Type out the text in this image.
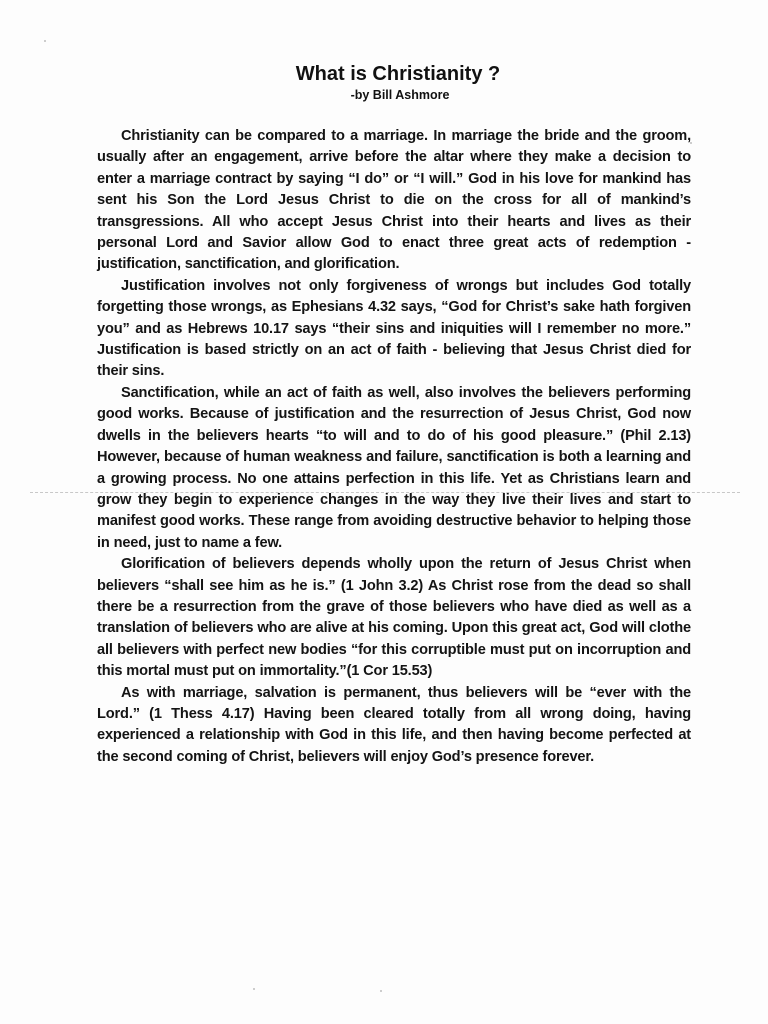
What is Christianity ?
-by Bill Ashmore

Christianity can be compared to a marriage. In marriage the bride and the groom, usually after an engagement, arrive before the altar where they make a decision to enter a marriage contract by saying “I do” or “I will.” God in his love for mankind has sent his Son the Lord Jesus Christ to die on the cross for all of mankind’s transgressions. All who accept Jesus Christ into their hearts and lives as their personal Lord and Savior allow God to enact three great acts of redemption - justification, sanctification, and glorification.

Justification involves not only forgiveness of wrongs but includes God totally forgetting those wrongs, as Ephesians 4.32 says, “God for Christ’s sake hath forgiven you” and as Hebrews 10.17 says “their sins and iniquities will I remember no more.” Justification is based strictly on an act of faith - believing that Jesus Christ died for their sins.

Sanctification, while an act of faith as well, also involves the believers performing good works. Because of justification and the resurrection of Jesus Christ, God now dwells in the believers hearts “to will and to do of his good pleasure.” (Phil 2.13) However, because of human weakness and failure, sanctification is both a learning and a growing process. No one attains perfection in this life. Yet as Christians learn and grow they begin to experience changes in the way they live their lives and start to manifest good works. These range from avoiding destructive behavior to helping those in need, just to name a few.

Glorification of believers depends wholly upon the return of Jesus Christ when believers “shall see him as he is.” (1 John 3.2) As Christ rose from the dead so shall there be a resurrection from the grave of those believers who have died as well as a translation of believers who are alive at his coming. Upon this great act, God will clothe all believers with perfect new bodies “for this corruptible must put on incorruption and this mortal must put on immortality.”(1 Cor 15.53)

As with marriage, salvation is permanent, thus believers will be “ever with the Lord.” (1 Thess 4.17) Having been cleared totally from all wrong doing, having experienced a relationship with God in this life, and then having become perfected at the second coming of Christ, believers will enjoy God’s presence forever.
